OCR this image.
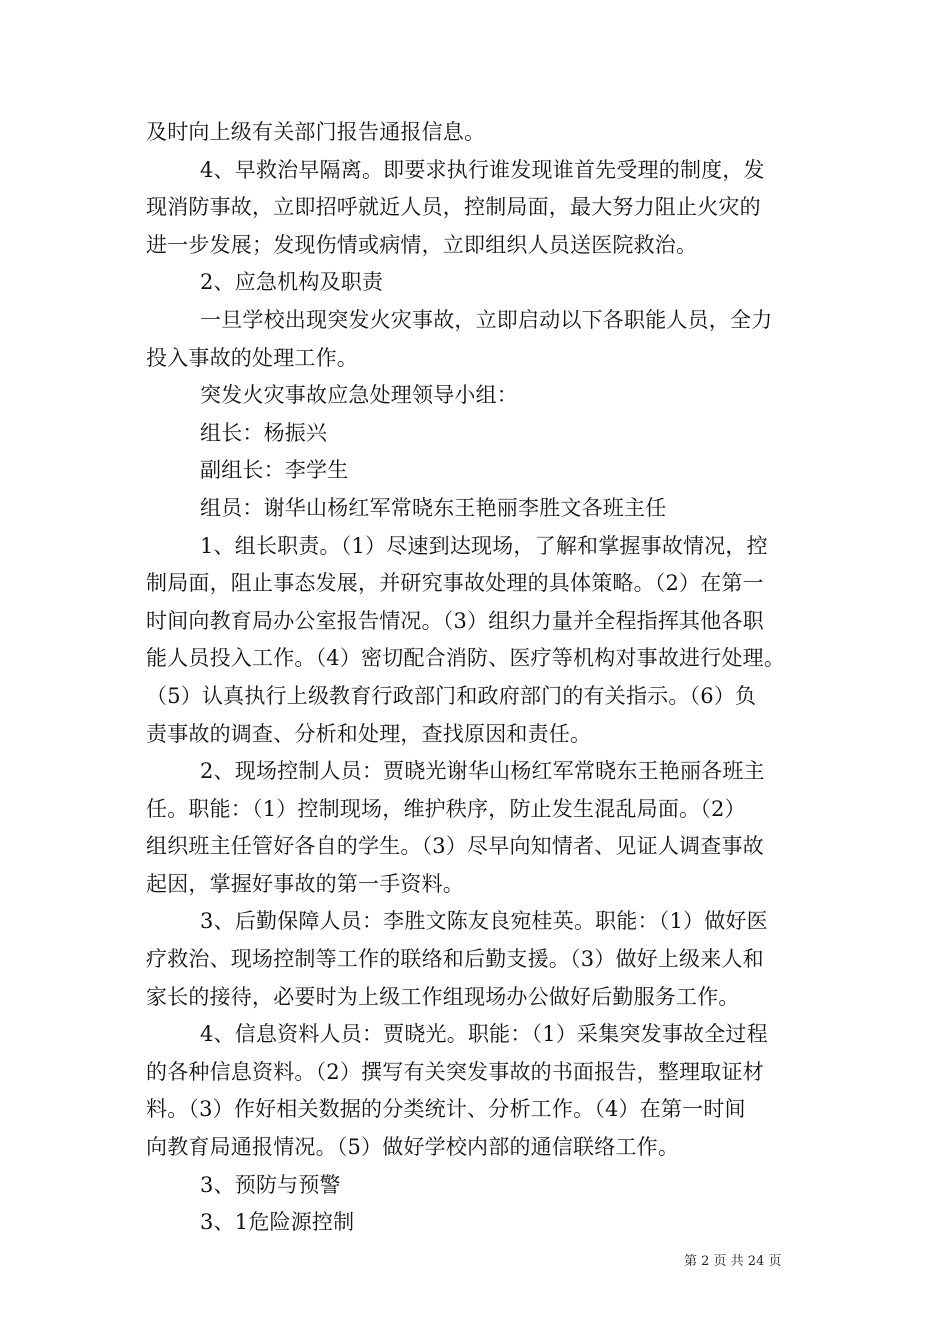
及时向上级有关部门报告通报信息。
4、早救治早隔离。即要求执行谁发现谁首先受理的制度，发
现消防事故，立即招呼就近人员，控制局面，最大努力阻止火灾的
进一步发展；发现伤情或病情，立即组织人员送医院救治。
2、应急机构及职责
一旦学校出现突发火灾事故，立即启动以下各职能人员，全力
投入事故的处理工作。
突发火灾事故应急处理领导小组：
组长：杨振兴
副组长：李学生
组员：谢华山杨红军常晓东王艳丽李胜文各班主任
1、组长职责。（1）尽速到达现场，了解和掌握事故情况，控
制局面，阻止事态发展，并研究事故处理的具体策略。（2）在第一
时间向教育局办公室报告情况。（3）组织力量并全程指挥其他各职
能人员投入工作。（4）密切配合消防、医疗等机构对事故进行处理。
（5）认真执行上级教育行政部门和政府部门的有关指示。（6）负
责事故的调查、分析和处理，查找原因和责任。
2、现场控制人员：贾晓光谢华山杨红军常晓东王艳丽各班主
任。职能：（1）控制现场，维护秩序，防止发生混乱局面。（2）
组织班主任管好各自的学生。（3）尽早向知情者、见证人调查事故
起因，掌握好事故的第一手资料。
3、后勤保障人员：李胜文陈友良宛桂英。职能：（1）做好医
疗救治、现场控制等工作的联络和后勤支援。（3）做好上级来人和
家长的接待，必要时为上级工作组现场办公做好后勤服务工作。
4、信息资料人员：贾晓光。职能：（1）采集突发事故全过程
的各种信息资料。（2）撰写有关突发事故的书面报告，整理取证材
料。（3）作好相关数据的分类统计、分析工作。（4）在第一时间
向教育局通报情况。（5）做好学校内部的通信联络工作。
3、预防与预警
3、1危险源控制
第 2 页 共 24 页
